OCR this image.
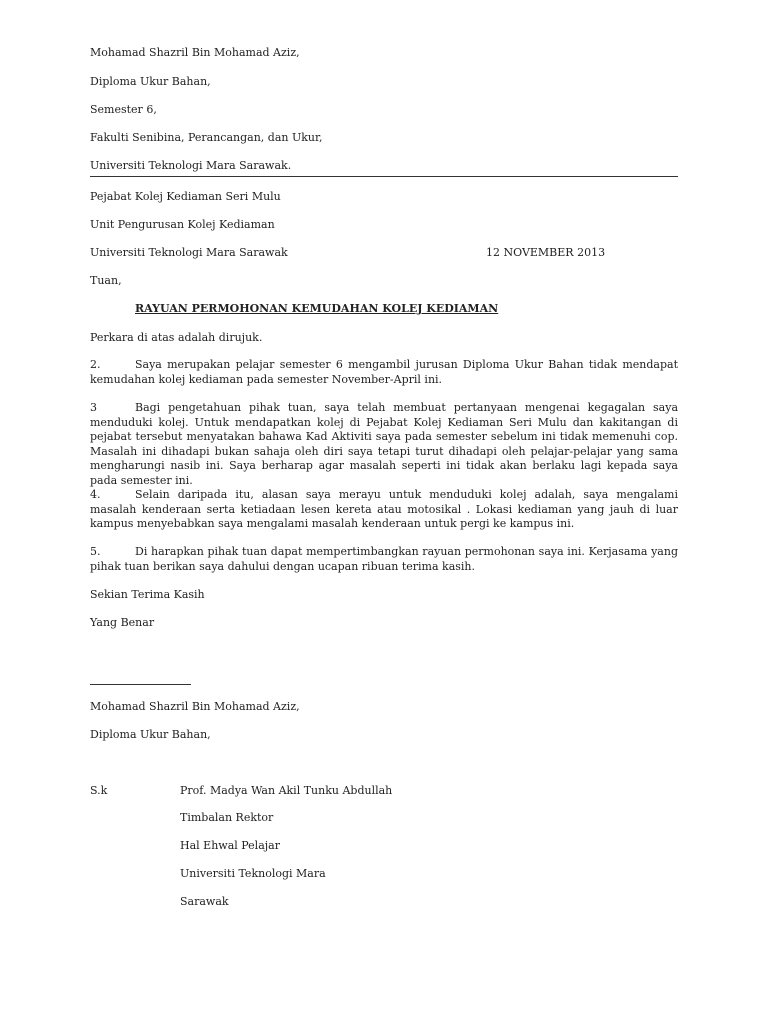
Mohamad Shazril Bin Mohamad Aziz,
Diploma Ukur Bahan,
Semester 6,
Fakulti Senibina, Perancangan, dan Ukur,
Universiti Teknologi Mara Sarawak.
Pejabat Kolej Kediaman Seri Mulu
Unit Pengurusan Kolej Kediaman
Universiti Teknologi Mara Sarawak	12 NOVEMBER 2013
Tuan,
RAYUAN PERMOHONAN KEMUDAHAN KOLEJ KEDIAMAN
Perkara di atas adalah dirujuk.
2.	Saya merupakan pelajar semester 6 mengambil jurusan Diploma Ukur Bahan tidak mendapat kemudahan kolej kediaman pada semester November-April ini.
3	Bagi pengetahuan pihak tuan, saya telah membuat pertanyaan mengenai kegagalan saya menduduki kolej. Untuk mendapatkan kolej di Pejabat Kolej Kediaman Seri Mulu dan kakitangan di pejabat tersebut menyatakan bahawa Kad Aktiviti saya pada semester sebelum ini tidak memenuhi cop. Masalah ini dihadapi bukan sahaja oleh diri saya tetapi turut dihadapi oleh pelajar-pelajar yang sama mengharungi nasib ini. Saya berharap agar masalah seperti ini tidak akan berlaku lagi kepada saya pada semester ini.
4.	Selain daripada itu, alasan saya merayu untuk menduduki kolej adalah, saya mengalami masalah kenderaan serta ketiadaan lesen kereta atau motosikal . Lokasi kediaman yang jauh di luar kampus menyebabkan saya mengalami masalah kenderaan untuk pergi ke kampus ini.
5.	Di harapkan pihak tuan dapat mempertimbangkan rayuan permohonan saya ini. Kerjasama yang pihak tuan berikan saya dahului dengan ucapan ribuan terima kasih.
Sekian Terima Kasih
Yang Benar
Mohamad Shazril Bin Mohamad Aziz,
Diploma Ukur Bahan,
S.k	Prof. Madya Wan Akil Tunku Abdullah
Timbalan Rektor
Hal Ehwal Pelajar
Universiti Teknologi Mara
Sarawak
